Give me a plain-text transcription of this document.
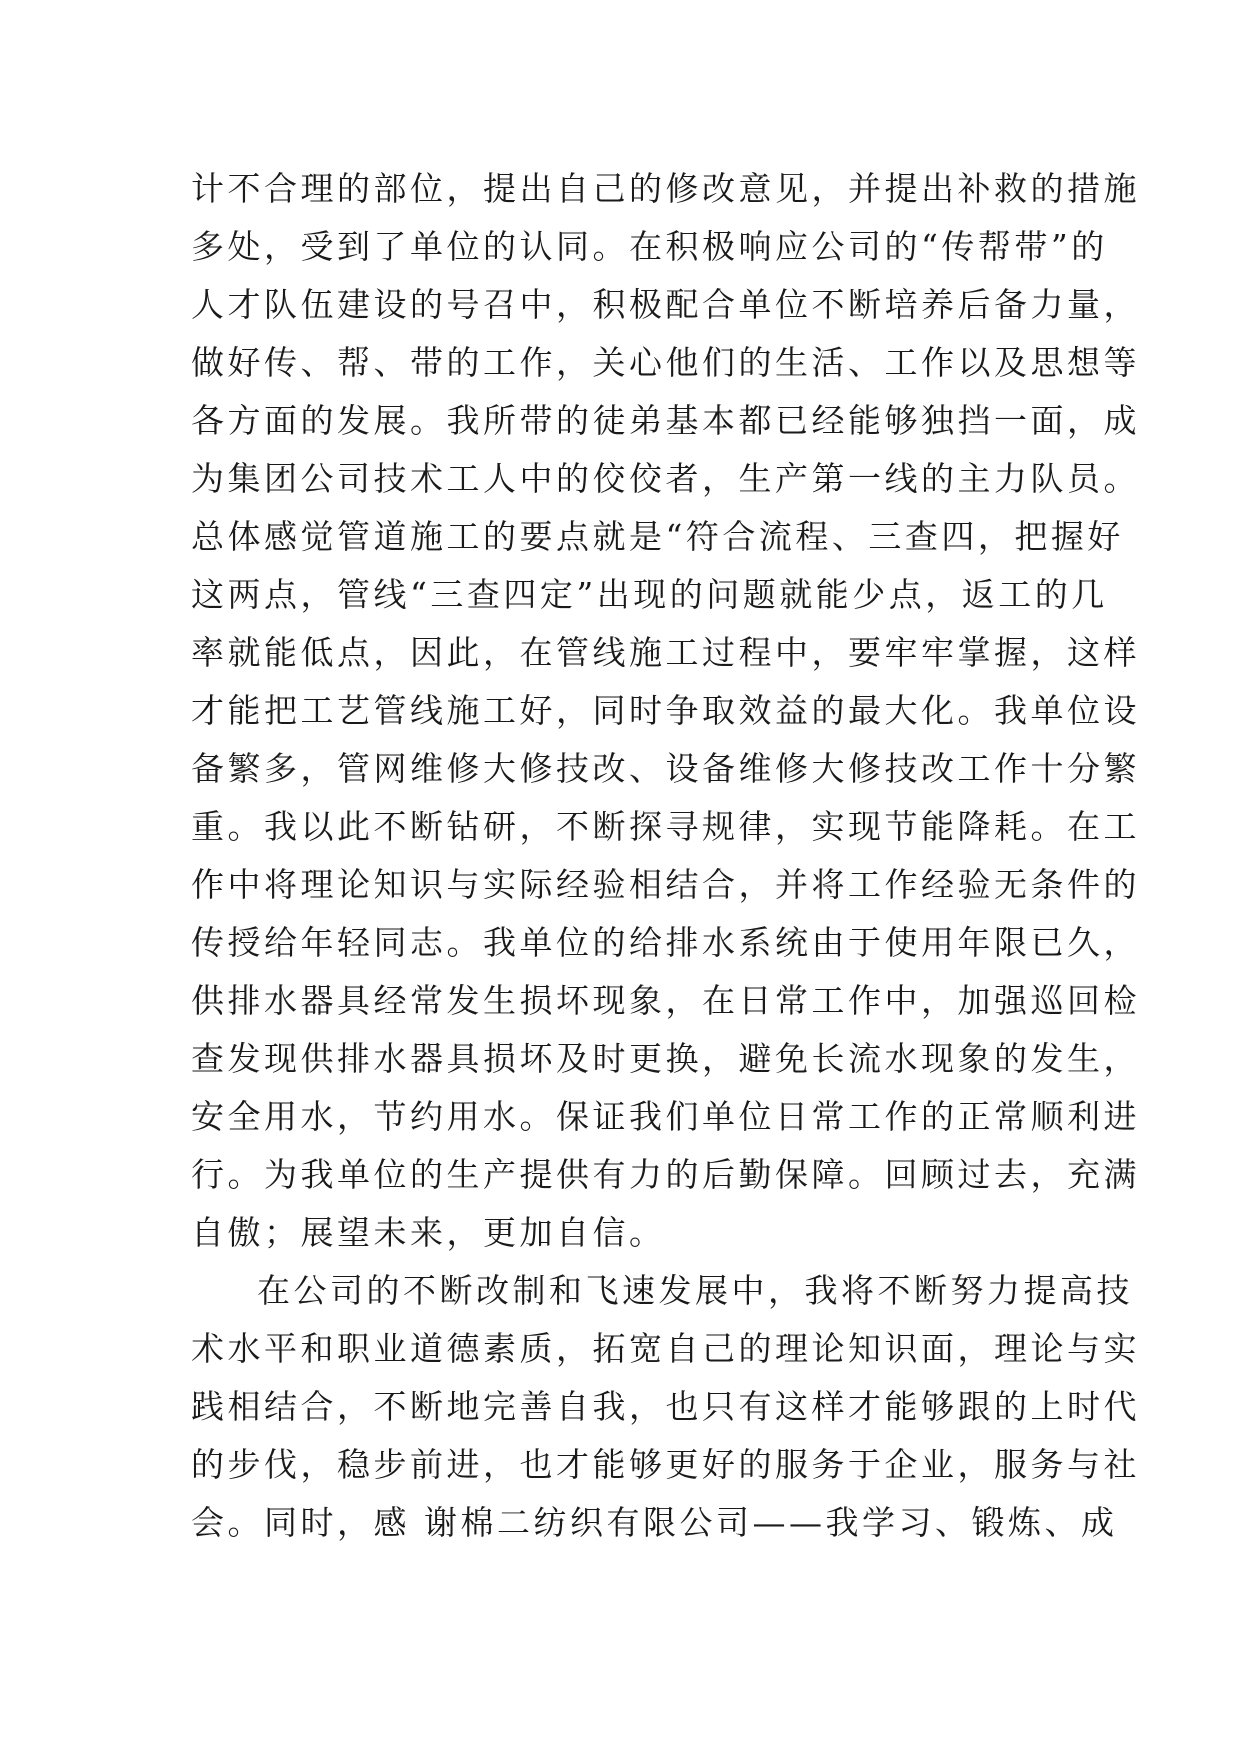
计不合理的部位，提出自己的修改意见，并提出补救的措施
多处，受到了单位的认同。在积极响应公司的“传帮带”的
人才队伍建设的号召中，积极配合单位不断培养后备力量，
做好传、帮、带的工作，关心他们的生活、工作以及思想等
各方面的发展。我所带的徒弟基本都已经能够独挡一面，成
为集团公司技术工人中的佼佼者，生产第一线的主力队员。
总体感觉管道施工的要点就是“符合流程、三查四，把握好
这两点，管线“三查四定”出现的问题就能少点，返工的几
率就能低点，因此，在管线施工过程中，要牢牢掌握，这样
才能把工艺管线施工好，同时争取效益的最大化。我单位设
备繁多，管网维修大修技改、设备维修大修技改工作十分繁
重。我以此不断钻研，不断探寻规律，实现节能降耗。在工
作中将理论知识与实际经验相结合，并将工作经验无条件的
传授给年轻同志。我单位的给排水系统由于使用年限已久，
供排水器具经常发生损坏现象，在日常工作中，加强巡回检
查发现供排水器具损坏及时更换，避免长流水现象的发生，
安全用水，节约用水。保证我们单位日常工作的正常顺利进
行。为我单位的生产提供有力的后勤保障。回顾过去，充满
自傲；展望未来，更加自信。
在公司的不断改制和飞速发展中，我将不断努力提高技
术水平和职业道德素质，拓宽自己的理论知识面，理论与实
践相结合，不断地完善自我，也只有这样才能够跟的上时代
的步伐，稳步前进，也才能够更好的服务于企业，服务与社
会。同时，感 谢棉二纺织有限公司——我学习、锻炼、成
